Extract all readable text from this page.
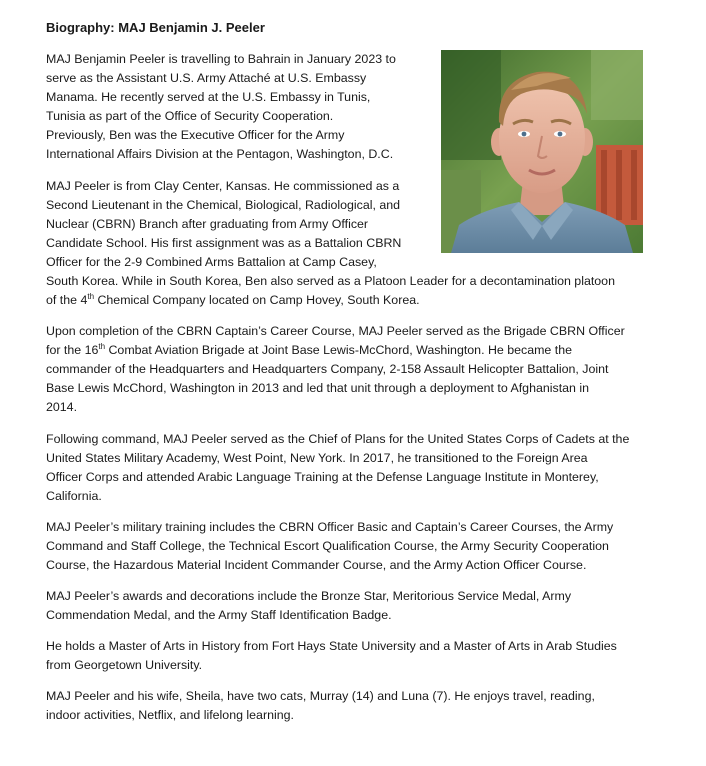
Biography: MAJ Benjamin J. Peeler
MAJ Benjamin Peeler is travelling to Bahrain in January 2023 to
serve as the Assistant U.S. Army Attaché at U.S. Embassy
Manama. He recently served at the U.S. Embassy in Tunis,
Tunisia as part of the Office of Security Cooperation.
Previously, Ben was the Executive Officer for the Army
International Affairs Division at the Pentagon, Washington, D.C.
MAJ Peeler is from Clay Center, Kansas. He commissioned as a
Second Lieutenant in the Chemical, Biological, Radiological, and
Nuclear (CBRN) Branch after graduating from Army Officer
Candidate School. His first assignment was as a Battalion CBRN
Officer for the 2-9 Combined Arms Battalion at Camp Casey,
South Korea. While in South Korea, Ben also served as a Platoon Leader for a decontamination platoon
of the 4th Chemical Company located on Camp Hovey, South Korea.
Upon completion of the CBRN Captain’s Career Course, MAJ Peeler served as the Brigade CBRN Officer
for the 16th Combat Aviation Brigade at Joint Base Lewis-McChord, Washington. He became the
commander of the Headquarters and Headquarters Company, 2-158 Assault Helicopter Battalion, Joint
Base Lewis McChord, Washington in 2013 and led that unit through a deployment to Afghanistan in
2014.
Following command, MAJ Peeler served as the Chief of Plans for the United States Corps of Cadets at the
United States Military Academy, West Point, New York. In 2017, he transitioned to the Foreign Area
Officer Corps and attended Arabic Language Training at the Defense Language Institute in Monterey,
California.
MAJ Peeler’s military training includes the CBRN Officer Basic and Captain’s Career Courses, the Army
Command and Staff College, the Technical Escort Qualification Course, the Army Security Cooperation
Course, the Hazardous Material Incident Commander Course, and the Army Action Officer Course.
MAJ Peeler’s awards and decorations include the Bronze Star, Meritorious Service Medal, Army
Commendation Medal, and the Army Staff Identification Badge.
He holds a Master of Arts in History from Fort Hays State University and a Master of Arts in Arab Studies
from Georgetown University.
MAJ Peeler and his wife, Sheila, have two cats, Murray (14) and Luna (7). He enjoys travel, reading,
indoor activities, Netflix, and lifelong learning.
